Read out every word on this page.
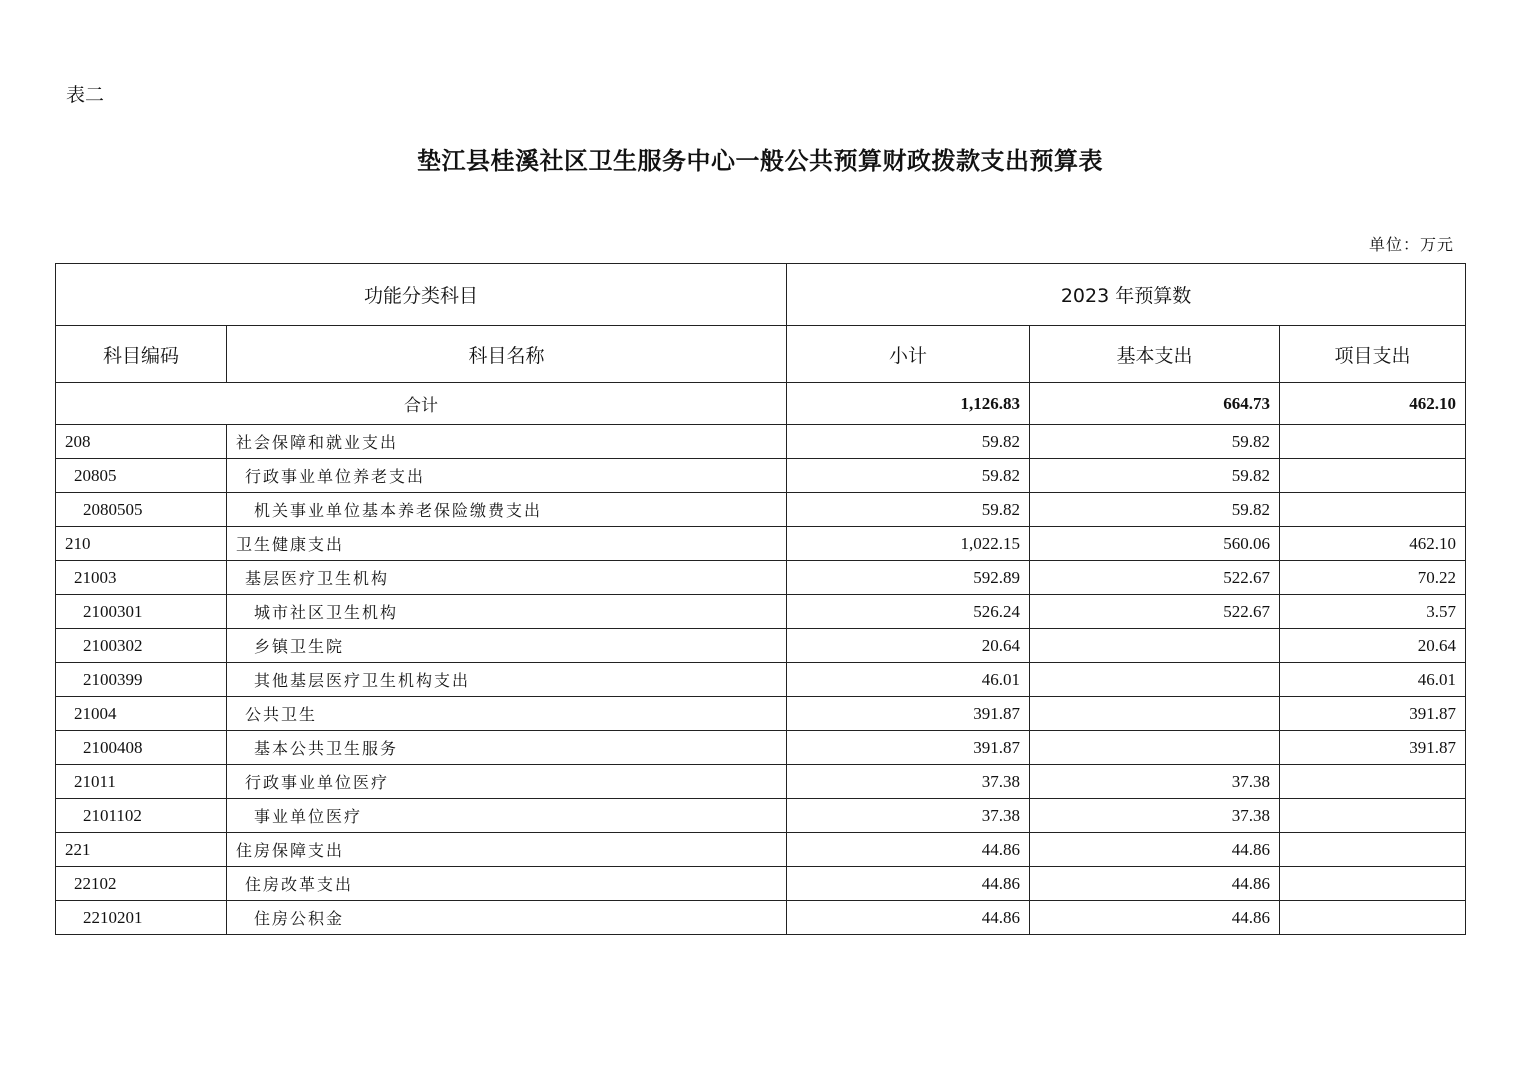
表二
垫江县桂溪社区卫生服务中心一般公共预算财政拨款支出预算表
单位：万元
功能分类科目		2023 年预算数		
科目编码	科目名称	小计	基本支出	项目支出
合计		1,126.83	664.73	462.10
208	社会保障和就业支出	59.82	59.82	
20805	行政事业单位养老支出	59.82	59.82	
2080505	机关事业单位基本养老保险缴费支出	59.82	59.82	
210	卫生健康支出	1,022.15	560.06	462.10
21003	基层医疗卫生机构	592.89	522.67	70.22
2100301	城市社区卫生机构	526.24	522.67	3.57
2100302	乡镇卫生院	20.64		20.64
2100399	其他基层医疗卫生机构支出	46.01		46.01
21004	公共卫生	391.87		391.87
2100408	基本公共卫生服务	391.87		391.87
21011	行政事业单位医疗	37.38	37.38	
2101102	事业单位医疗	37.38	37.38	
221	住房保障支出	44.86	44.86	
22102	住房改革支出	44.86	44.86	
2210201	住房公积金	44.86	44.86	
